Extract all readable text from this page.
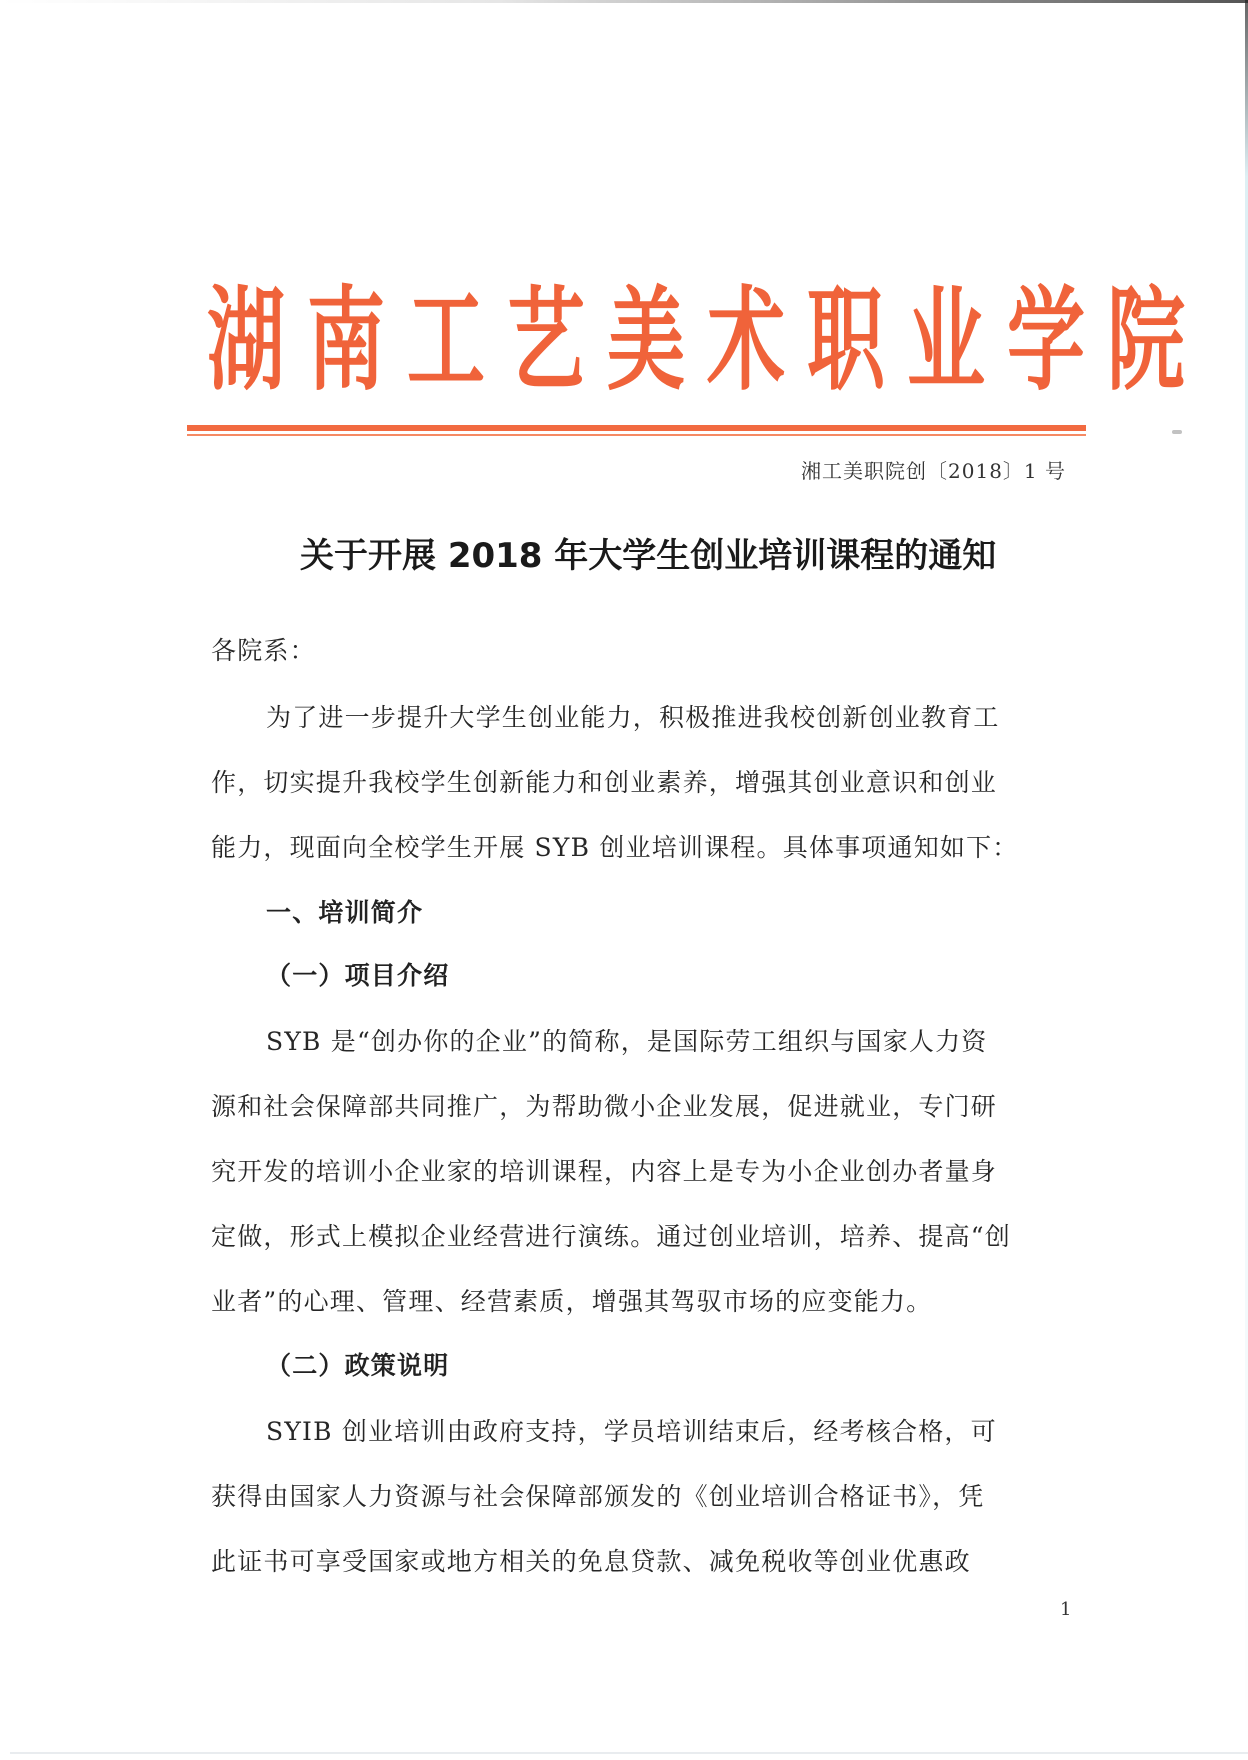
湖 南 工 艺 美 术 职 业 学 院
湘工美职院创〔2018〕1 号
关于开展 2018 年大学生创业培训课程的通知
各院系：
为了进一步提升大学生创业能力，积极推进我校创新创业教育工
作，切实提升我校学生创新能力和创业素养，增强其创业意识和创业
能力，现面向全校学生开展 SYB 创业培训课程。具体事项通知如下：
一、培训简介
（一）项目介绍
SYB 是“创办你的企业”的简称，是国际劳工组织与国家人力资
源和社会保障部共同推广，为帮助微小企业发展，促进就业，专门研
究开发的培训小企业家的培训课程，内容上是专为小企业创办者量身
定做，形式上模拟企业经营进行演练。通过创业培训，培养、提高“创
业者”的心理、管理、经营素质，增强其驾驭市场的应变能力。
（二）政策说明
SYIB 创业培训由政府支持，学员培训结束后，经考核合格，可
获得由国家人力资源与社会保障部颁发的《创业培训合格证书》，凭
此证书可享受国家或地方相关的免息贷款、减免税收等创业优惠政
1
